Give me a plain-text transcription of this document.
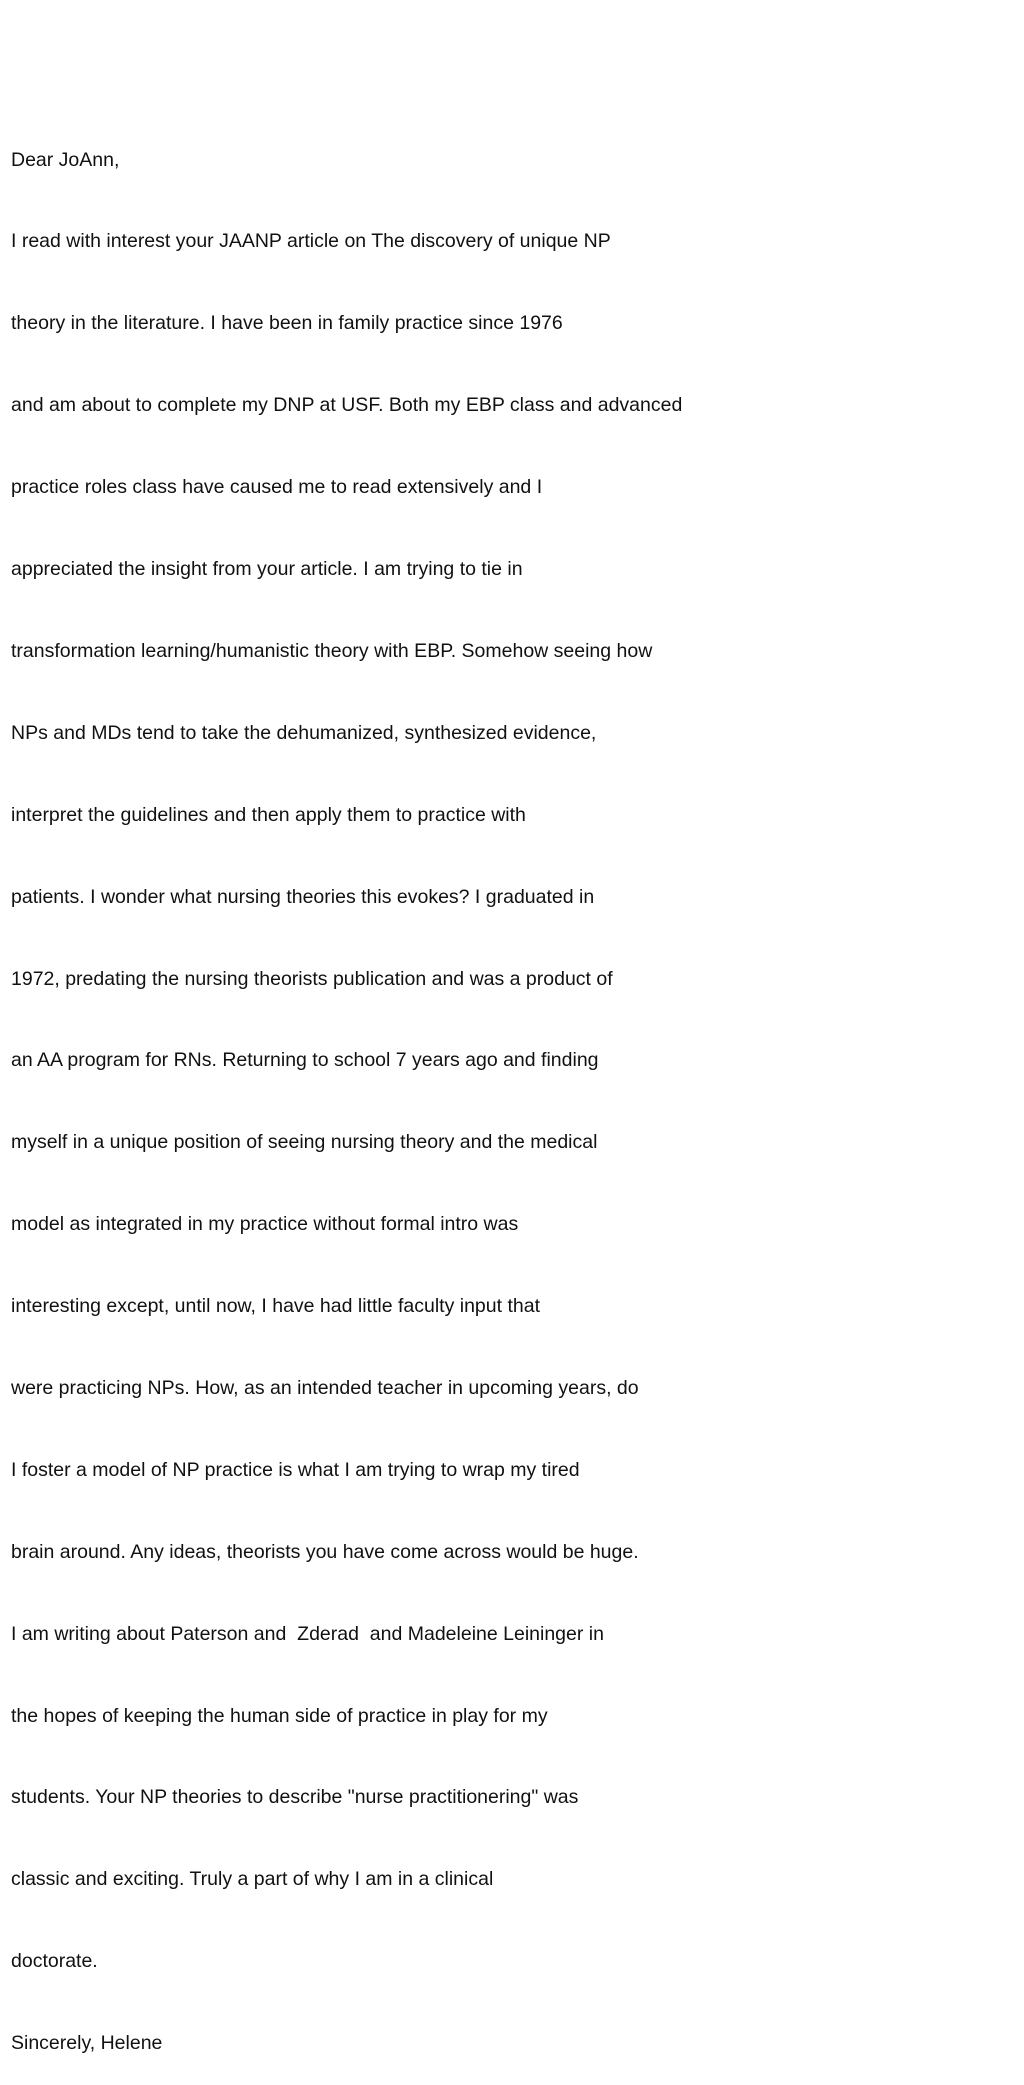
Dear JoAnn,

I read with interest your JAANP article on The discovery of unique NP

theory in the literature. I have been in family practice since 1976

and am about to complete my DNP at USF. Both my EBP class and advanced

practice roles class have caused me to read extensively and I

appreciated the insight from your article. I am trying to tie in

transformation learning/humanistic theory with EBP. Somehow seeing how

NPs and MDs tend to take the dehumanized, synthesized evidence,

interpret the guidelines and then apply them to practice with

patients. I wonder what nursing theories this evokes? I graduated in

1972, predating the nursing theorists publication and was a product of

an AA program for RNs. Returning to school 7 years ago and finding

myself in a unique position of seeing nursing theory and the medical

model as integrated in my practice without formal intro was

interesting except, until now, I have had little faculty input that

were practicing NPs. How, as an intended teacher in upcoming years, do

I foster a model of NP practice is what I am trying to wrap my tired

brain around. Any ideas, theorists you have come across would be huge.

I am writing about Paterson and  Zderad  and Madeleine Leininger in

the hopes of keeping the human side of practice in play for my

students. Your NP theories to describe "nurse practitionering" was

classic and exciting. Truly a part of why I am in a clinical

doctorate.

Sincerely, Helene
